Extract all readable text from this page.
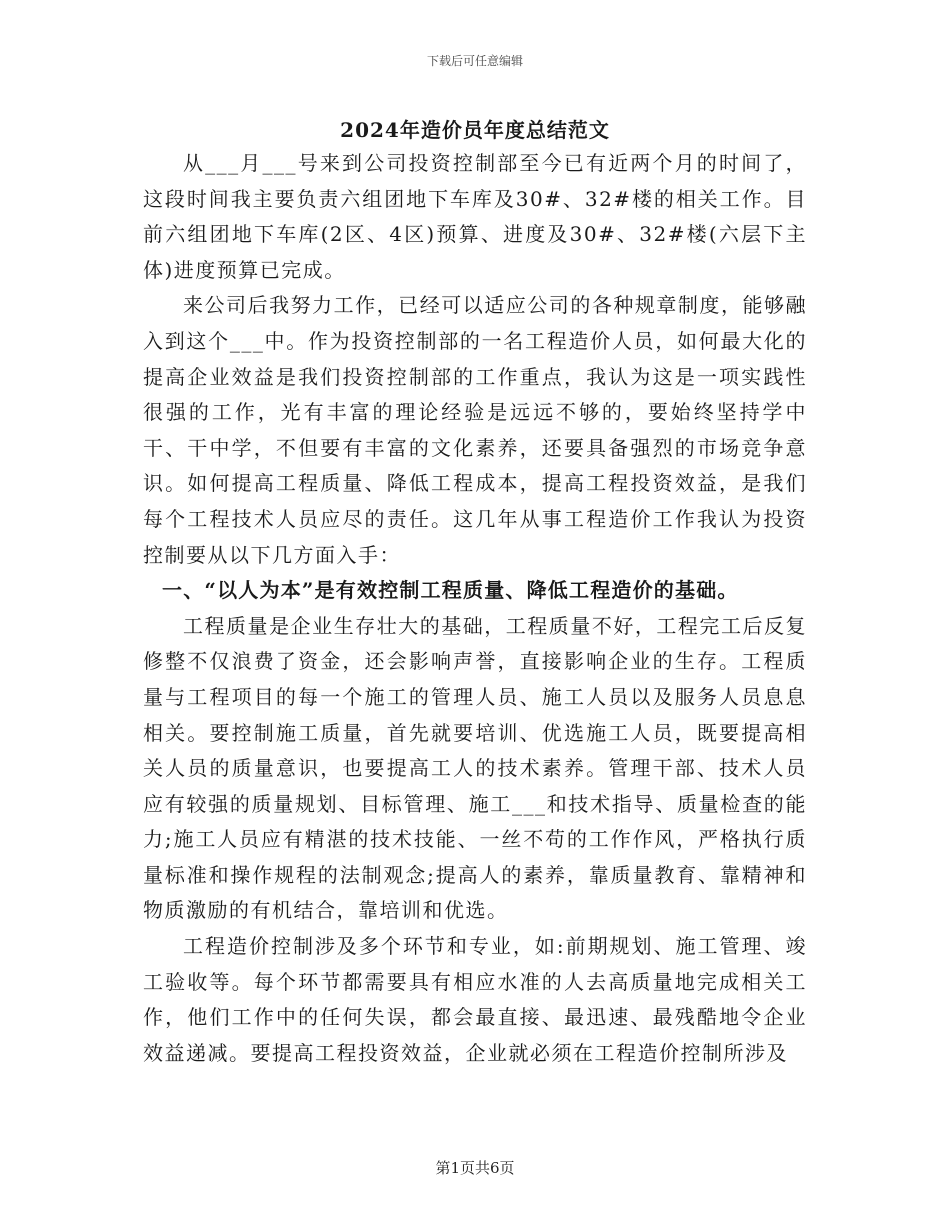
下载后可任意编辑
2024年造价员年度总结范文

从___月___号来到公司投资控制部至今已有近两个月的时间了，这段时间我主要负责六组团地下车库及30#、32#楼的相关工作。目前六组团地下车库(2区、4区)预算、进度及30#、32#楼(六层下主体)进度预算已完成。

来公司后我努力工作，已经可以适应公司的各种规章制度，能够融入到这个___中。作为投资控制部的一名工程造价人员，如何最大化的提高企业效益是我们投资控制部的工作重点，我认为这是一项实践性很强的工作，光有丰富的理论经验是远远不够的，要始终坚持学中干、干中学，不但要有丰富的文化素养，还要具备强烈的市场竞争意识。如何提高工程质量、降低工程成本，提高工程投资效益，是我们每个工程技术人员应尽的责任。这几年从事工程造价工作我认为投资控制要从以下几方面入手：

一、“以人为本”是有效控制工程质量、降低工程造价的基础。

工程质量是企业生存壮大的基础，工程质量不好，工程完工后反复修整不仅浪费了资金，还会影响声誉，直接影响企业的生存。工程质量与工程项目的每一个施工的管理人员、施工人员以及服务人员息息相关。要控制施工质量，首先就要培训、优选施工人员，既要提高相关人员的质量意识，也要提高工人的技术素养。管理干部、技术人员应有较强的质量规划、目标管理、施工___和技术指导、质量检查的能力;施工人员应有精湛的技术技能、一丝不苟的工作作风，严格执行质量标准和操作规程的法制观念;提高人的素养，靠质量教育、靠精神和物质激励的有机结合，靠培训和优选。

工程造价控制涉及多个环节和专业，如:前期规划、施工管理、竣工验收等。每个环节都需要具有相应水准的人去高质量地完成相关工作，他们工作中的任何失误，都会最直接、最迅速、最残酷地令企业效益递减。要提高工程投资效益，企业就必须在工程造价控制所涉及

第1页共6页
